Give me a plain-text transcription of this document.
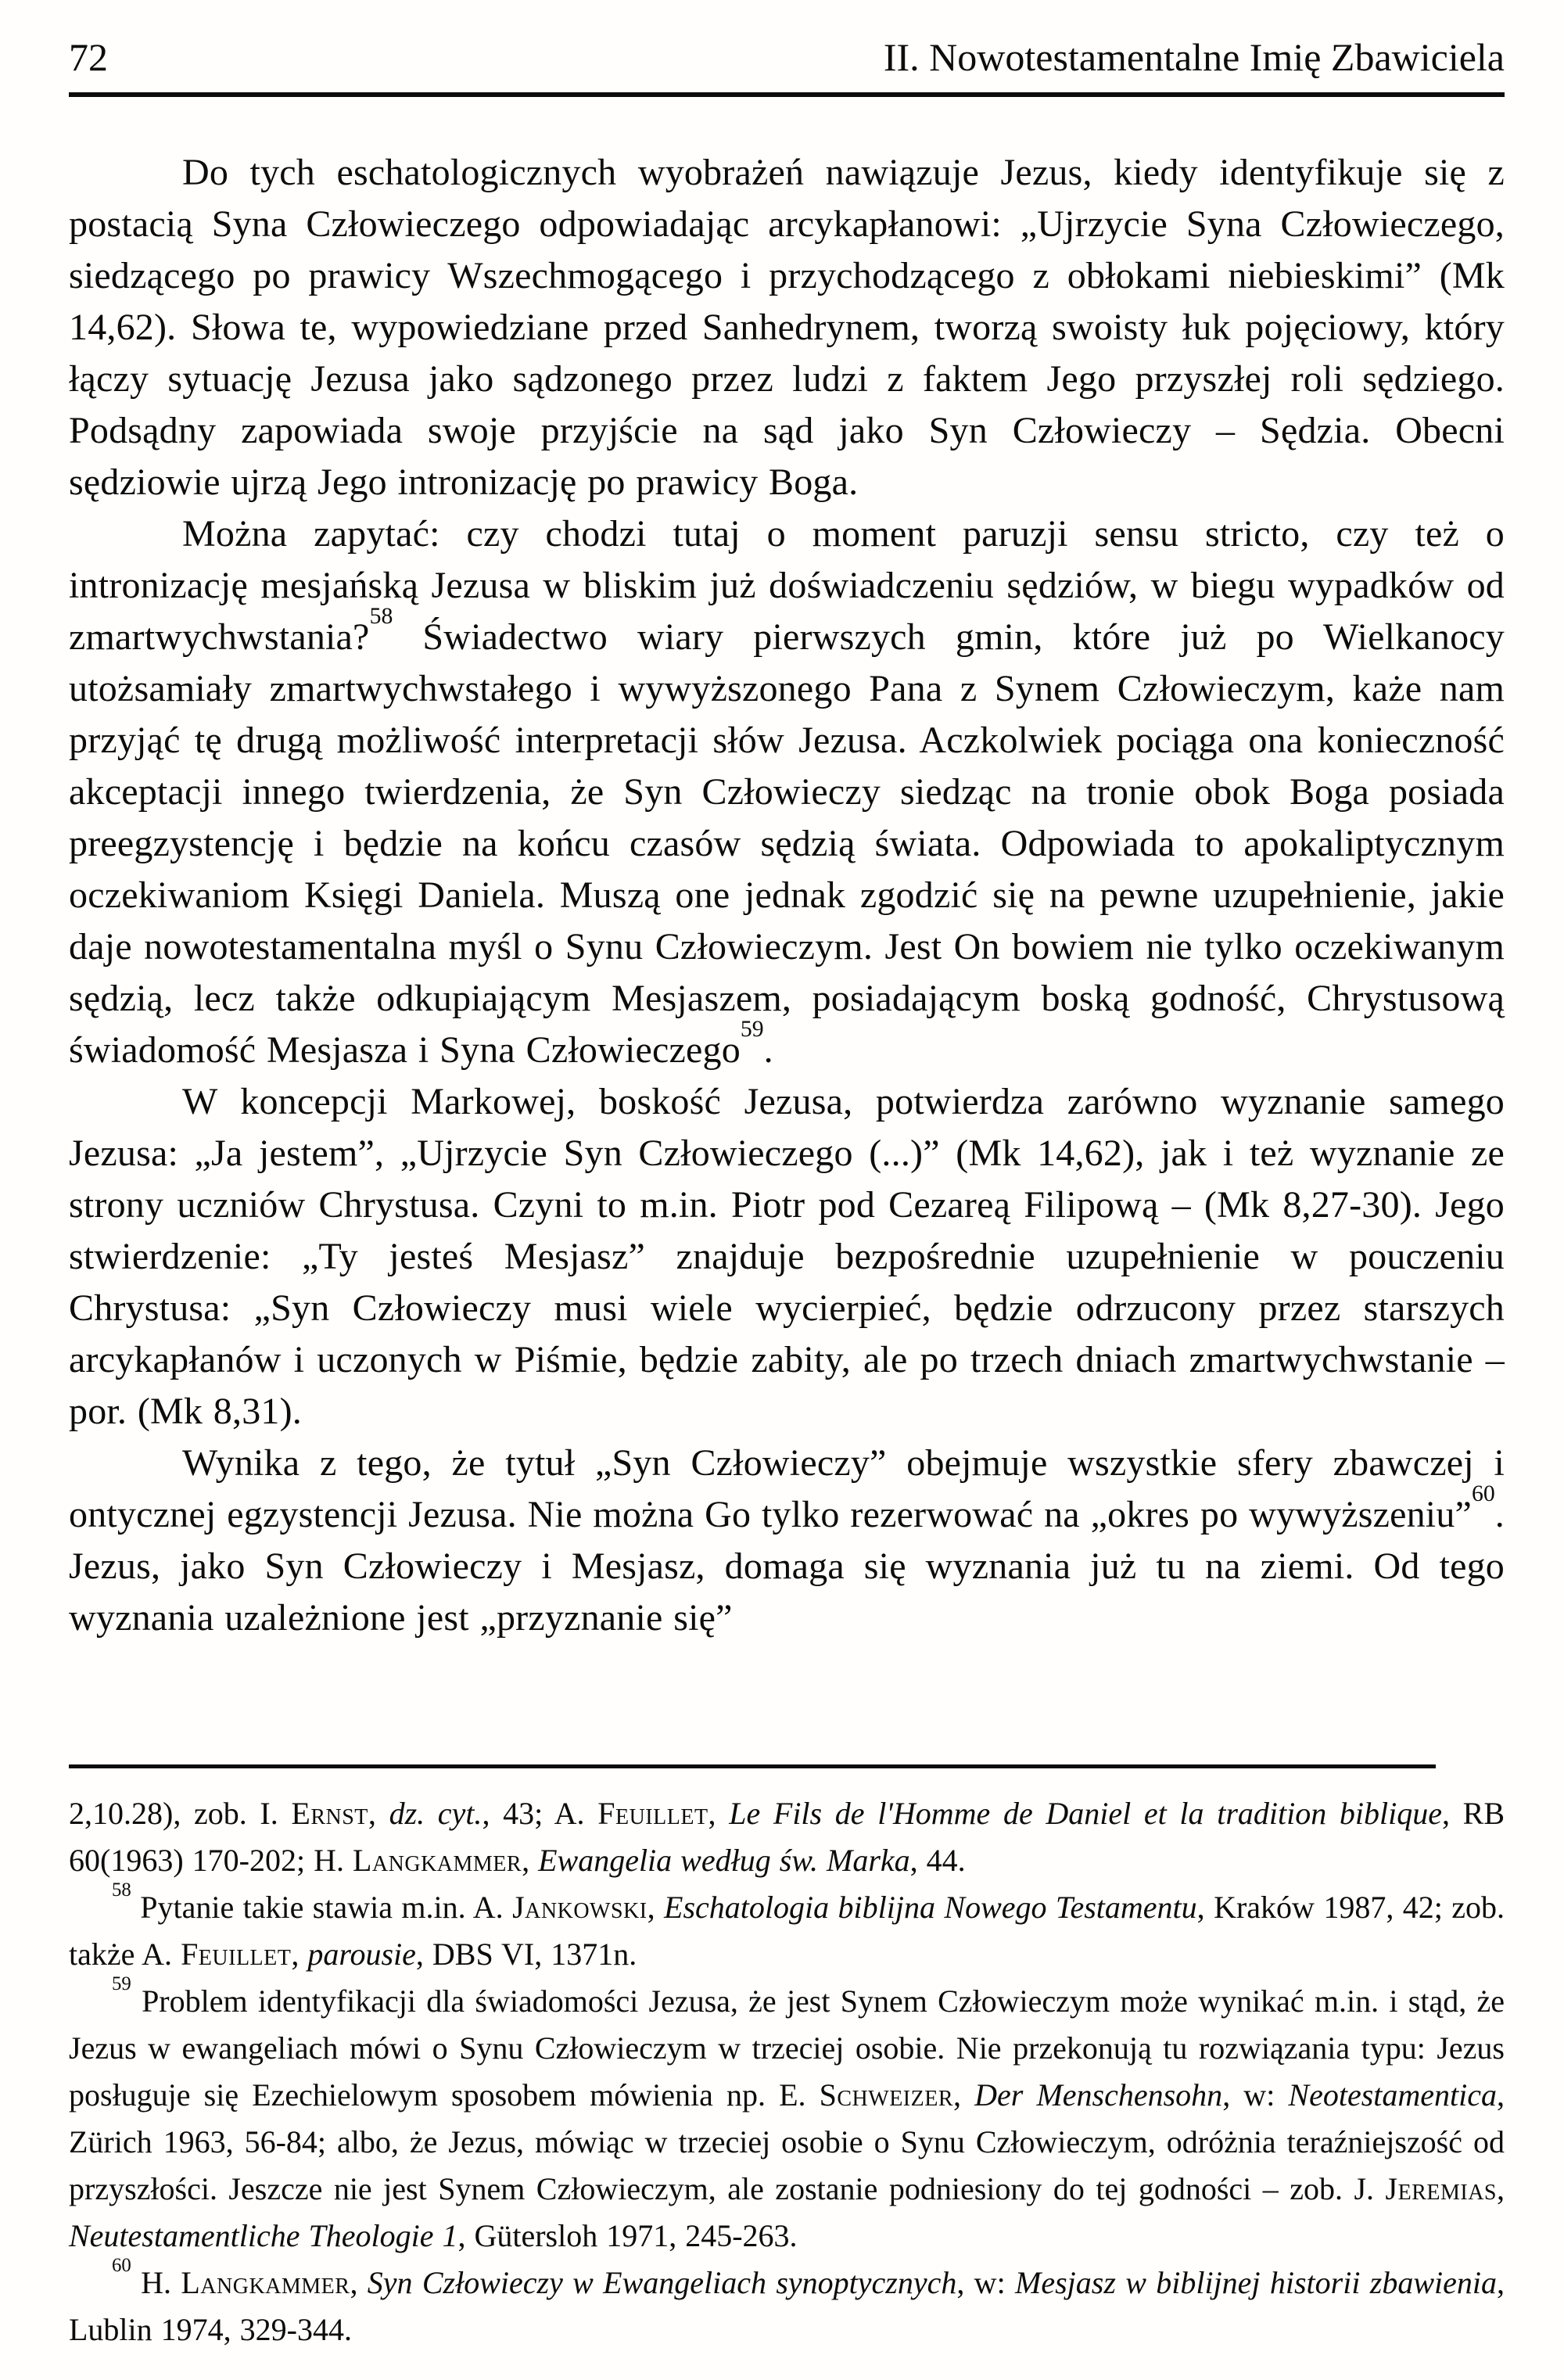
72	II. Nowotestamentalne Imię Zbawiciela

Do tych eschatologicznych wyobrażeń nawiązuje Jezus, kiedy identyfikuje się z postacią Syna Człowieczego odpowiadając arcykapłanowi: „Ujrzycie Syna Człowieczego, siedzącego po prawicy Wszechmogącego i przychodzącego z obłokami niebieskimi” (Mk 14,62). Słowa te, wypowiedziane przed Sanhedrynem, tworzą swoisty łuk pojęciowy, który łączy sytuację Jezusa jako sądzonego przez ludzi z faktem Jego przyszłej roli sędziego. Podsądny zapowiada swoje przyjście na sąd jako Syn Człowieczy – Sędzia. Obecni sędziowie ujrzą Jego intronizację po prawicy Boga.

Można zapytać: czy chodzi tutaj o moment paruzji sensu stricto, czy też o intronizację mesjańską Jezusa w bliskim już doświadczeniu sędziów, w biegu wypadków od zmartwychwstania?$^{58}$ Świadectwo wiary pierwszych gmin, które już po Wielkanocy utożsamiały zmartwychwstałego i wywyższonego Pana z Synem Człowieczym, każe nam przyjąć tę drugą możliwość interpretacji słów Jezusa. Aczkolwiek pociąga ona konieczność akceptacji innego twierdzenia, że Syn Człowieczy siedząc na tronie obok Boga posiada preegzystencję i będzie na końcu czasów sędzią świata. Odpowiada to apokaliptycznym oczekiwaniom Księgi Daniela. Muszą one jednak zgodzić się na pewne uzupełnienie, jakie daje nowotestamentalna myśl o Synu Człowieczym. Jest On bowiem nie tylko oczekiwanym sędzią, lecz także odkupiającym Mesjaszem, posiadającym boską godność, Chrystusową świadomość Mesjasza i Syna Człowieczego$^{59}$.

W koncepcji Markowej, boskość Jezusa, potwierdza zarówno wyznanie samego Jezusa: „Ja jestem”, „Ujrzycie Syn Człowieczego (...)” (Mk 14,62), jak i też wyznanie ze strony uczniów Chrystusa. Czyni to m.in. Piotr pod Cezareą Filipową – (Mk 8,27-30). Jego stwierdzenie: „Ty jesteś Mesjasz” znajduje bezpośrednie uzupełnienie w pouczeniu Chrystusa: „Syn Człowieczy musi wiele wycierpieć, będzie odrzucony przez starszych arcykapłanów i uczonych w Piśmie, będzie zabity, ale po trzech dniach zmartwychwstanie – por. (Mk 8,31).

Wynika z tego, że tytuł „Syn Człowieczy” obejmuje wszystkie sfery zbawczej i ontycznej egzystencji Jezusa. Nie można Go tylko rezerwować na „okres po wywyższeniu”$^{60}$. Jezus, jako Syn Człowieczy i Mesjasz, domaga się wyznania już tu na ziemi. Od tego wyznania uzależnione jest „przyznanie się”

2,10.28), zob. I. Ernst, dz. cyt., 43; A. Feuillet, Le Fils de l'Homme de Daniel et la tradition biblique, RB 60(1963) 170-202; H. Langkammer, Ewangelia według św. Marka, 44.

$^{58}$ Pytanie takie stawia m.in. A. Jankowski, Eschatologia biblijna Nowego Testamentu, Kraków 1987, 42; zob. także A. Feuillet, parousie, DBS VI, 1371n.

$^{59}$ Problem identyfikacji dla świadomości Jezusa, że jest Synem Człowieczym może wynikać m.in. i stąd, że Jezus w ewangeliach mówi o Synu Człowieczym w trzeciej osobie. Nie przekonują tu rozwiązania typu: Jezus posługuje się Ezechielowym sposobem mówienia np. E. Schweizer, Der Menschensohn, w: Neotestamentica, Zürich 1963, 56-84; albo, że Jezus, mówiąc w trzeciej osobie o Synu Człowieczym, odróżnia teraźniejszość od przyszłości. Jeszcze nie jest Synem Człowieczym, ale zostanie podniesiony do tej godności – zob. J. Jeremias, Neutestamentliche Theologie 1, Gütersloh 1971, 245-263.

$^{60}$ H. Langkammer, Syn Człowieczy w Ewangeliach synoptycznych, w: Mesjasz w biblijnej historii zbawienia, Lublin 1974, 329-344.
